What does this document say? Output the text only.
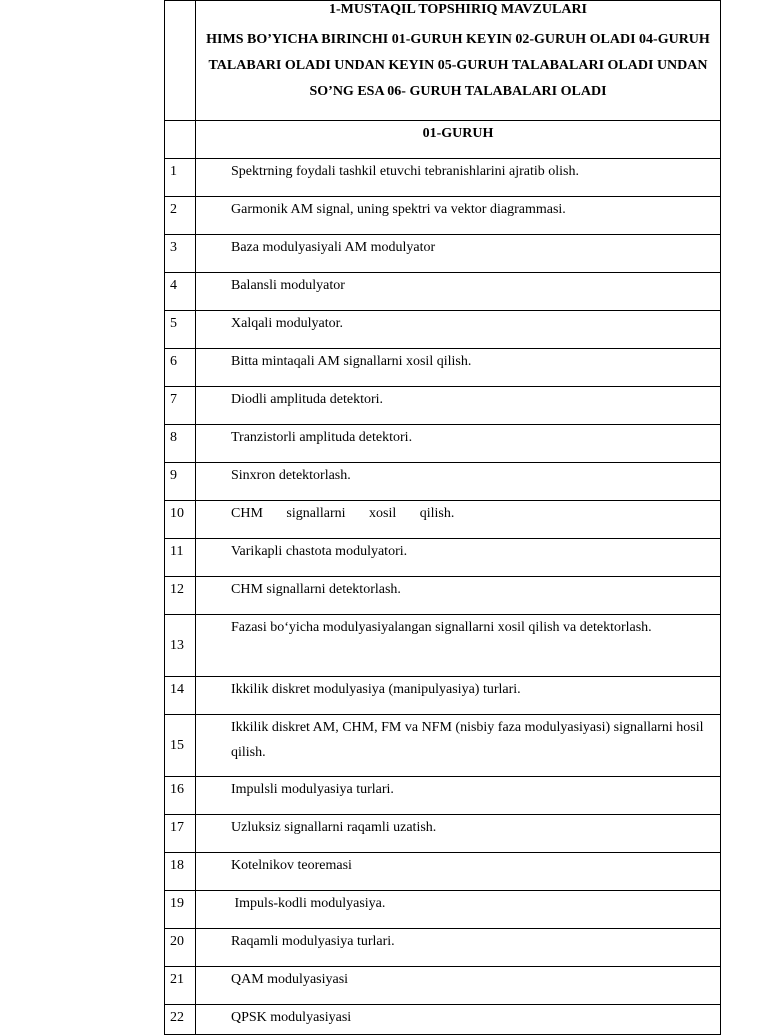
	1-MUSTAQIL TOPSHIRIQ MAVZULARI
HIMS BO’YICHA BIRINCHI 01-GURUH KEYIN 02-GURUH OLADI 04-GURUH TALABARI OLADI UNDAN KEYIN 05-GURUH TALABALARI OLADI UNDAN SO’NG ESA 06- GURUH TALABALARI OLADI

	01-GURUH
1	Spektrning foydali tashkil etuvchi tebranishlarini ajratib olish.
2	Garmonik AM signal, uning spektri va vektor diagrammasi.
3	Baza modulyasiyali AM modulyator
4	Balansli modulyator
5	Xalqali modulyator.
6	Bitta mintaqali AM signallarni xosil qilish.
7	Diodli amplituda detektori.
8	Tranzistorli amplituda detektori.
9	Sinxron detektorlash.
10	CHM signallarni xosil qilish.
11	Varikapli chastota modulyatori.
12	CHM signallarni detektorlash.
13	Fazasi bo‘yicha modulyasiyalangan signallarni xosil qilish va detektorlash.
14	Ikkilik diskret modulyasiya (manipulyasiya) turlari.
15	Ikkilik diskret AM, CHM, FM va NFM (nisbiy faza modulyasiyasi) signallarni hosil qilish.
16	Impulsli modulyasiya turlari.
17	Uzluksiz signallarni raqamli uzatish.
18	Kotelnikov teoremasi
19	Impuls-kodli modulyasiya.
20	Raqamli modulyasiya turlari.
21	QAM modulyasiyasi
22	QPSK modulyasiyasi
